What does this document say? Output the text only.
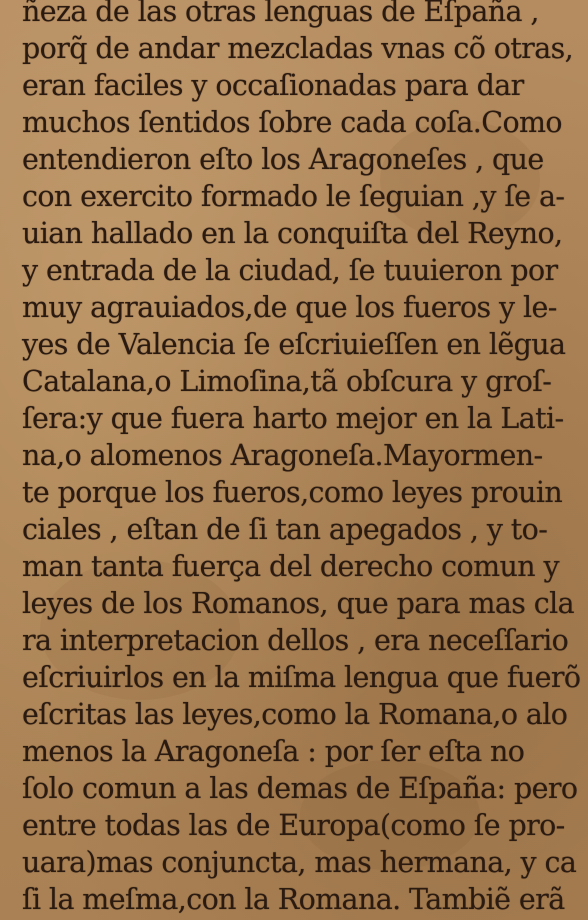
ñeza de las otras lenguas de Eſpaña ,
porq̃ de andar mezcladas vnas cõ otras,
eran faciles y occaſionadas para dar
muchos ſentidos ſobre cada coſa.Como
entendieron eſto los Aragoneſes , que
con exercito formado le ſeguian ,y ſe a-
uian hallado en la conquiſta del Reyno,
y entrada de la ciudad, ſe tuuieron por
muy agrauiados,de que los fueros y le-
yes de Valencia ſe eſcriuieſſen en lẽgua
Catalana,o Limoſina,tã obſcura y groſ-
ſera:y que fuera harto mejor en la Lati-
na,o alomenos Aragoneſa.Mayormen-
te porque los fueros,como leyes prouin
ciales , eſtan de ſi tan apegados , y to-
man tanta fuerça del derecho comun y
leyes de los Romanos, que para mas cla
ra interpretacion dellos , era neceſſario
eſcriuirlos en la miſma lengua que fuerõ
eſcritas las leyes,como la Romana,o alo
menos la Aragoneſa : por ſer eſta no
ſolo comun a las demas de Eſpaña: pero
entre todas las de Europa(como ſe pro-
uara)mas conjuncta, mas hermana, y ca
ſi la meſma,con la Romana. Tambiẽ erã
